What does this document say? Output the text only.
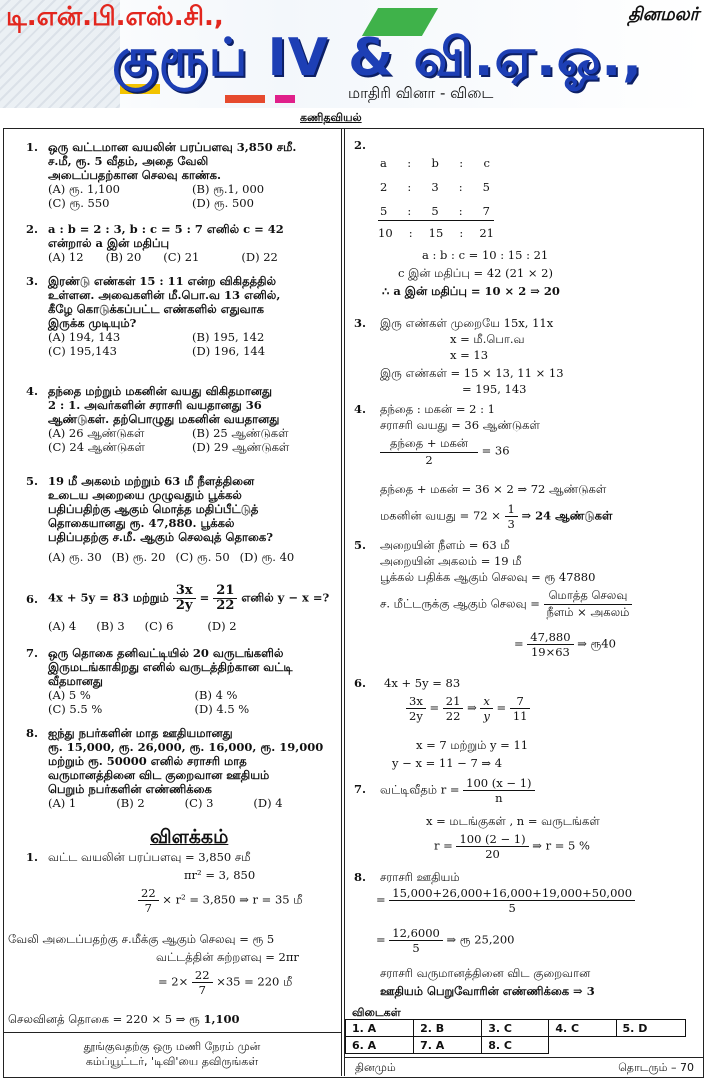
டி.என்.பி.எஸ்.சி.,
குரூப் IV & வி.ஏ.ஓ.,
தினமலர்
மாதிரி வினா - விடை
கணிதவியல்
1. ஒரு வட்டமான வயலின் பரப்பளவு 3,850 சமீ.
ச.மீ, ரூ. 5 வீதம், அதை வேலி
அடைப்பதற்கான செலவு காண்க.
(A) ரூ. 1,100	(B) ரூ.1, 000
(C) ரூ. 550	(D) ரூ. 500
2. a : b = 2 : 3, b : c = 5 : 7 எனில் c = 42
என்றால் a இன் மதிப்பு
(A) 12 (B) 20 (C) 21	(D) 22
3. இரண்டு எண்கள் 15 : 11 என்ற விகிதத்தில்
உள்ளன. அவைகளின் மீ.பொ.வ 13 எனில்,
கீழே கொடுக்கப்பட்ட எண்களில் எதுவாக
இருக்க முடியும்?
(A) 194, 143	(B) 195, 142
(C) 195,143	(D) 196, 144
4. தந்தை மற்றும் மகனின் வயது விகிதமானது
2 : 1. அவர்களின் சராசரி வயதானது 36
ஆண்டுகள். தற்பொழுது மகனின் வயதானது
(A) 26 ஆண்டுகள்	(B) 25 ஆண்டுகள்
(C) 24 ஆண்டுகள்	(D) 29 ஆண்டுகள்
5. 19 மீ அகலம் மற்றும் 63 மீ நீளத்தினை
உடைய அறையை முழுவதும் பூக்கல்
பதிப்பதிற்கு ஆகும் மொத்த மதிப்பீட்டுத்
தொகையானது ரூ. 47,880. பூக்கல்
பதிப்பதற்கு ச.மீ. ஆகும் செலவுத் தொகை?
(A) ரூ. 30 (B) ரூ. 20 (C) ரூ. 50 (D) ரூ. 40
6. 4x + 5y = 83 மற்றும் $\frac{3x}{2y} = \frac{21}{22}$ எனில் y − x =?
(A) 4 (B) 3 (C) 6	(D) 2
7. ஒரு தொகை தனிவட்டியில் 20 வருடங்களில்
இருமடங்காகிறது எனில் வருடத்திற்கான வட்டி
வீதமானது
(A) 5 %	(B) 4 %
(C) 5.5 %	(D) 4.5 %
8. ஐந்து நபர்களின் மாத ஊதியமானது
ரூ. 15,000, ரூ. 26,000, ரூ. 16,000, ரூ. 19,000
மற்றும் ரூ. 50000 எனில் சராசரி மாத
வருமானத்தினை விட குறைவான ஊதியம்
பெறும் நபர்களின் எண்ணிக்கை
(A) 1	(B) 2	(C) 3	(D) 4
விளக்கம்
1. வட்ட வயலின் பரப்பளவு = 3,850 சமீ
πr² = 3, 850
$\frac{22}{7} \times r^2 = 3,850$ ⇒ r = 35 மீ
வேலி அடைப்பதற்கு ச.மீக்கு ஆகும் செலவு = ரூ 5
வட்டத்தின் சுற்றளவு = 2πr
= $2\times \frac{22}{7} \times 35 = 220$ மீ
செலவினத் தொகை = 220 × 5 ⇒ ரூ 1,100
2.
a : b : c
2 : 3 : 5
5 : 5 : 7
10 : 15 : 21
a : b : c = 10 : 15 : 21
c இன் மதிப்பு = 42 (21 × 2)
∴ a இன் மதிப்பு = 10 × 2 ⇒ 20
3. இரு எண்கள் முறையே 15x, 11x
x = மீ.பொ.வ
x = 13
இரு எண்கள் = 15 × 13, 11 × 13
= 195, 143
4. தந்தை : மகன் = 2 : 1
சராசரி வயது = 36 ஆண்டுகள்
$\frac{\text{தந்தை + மகன்}}{2} = 36$
தந்தை + மகன் = 36 × 2 ⇒ 72 ஆண்டுகள்
மகனின் வயது = $72 \times \frac{1}{3}$ ⇒ 24 ஆண்டுகள்
5. அறையின் நீளம் = 63 மீ
அறையின் அகலம் = 19 மீ
பூக்கல் பதிக்க ஆகும் செலவு = ரூ 47880
ச. மீட்டருக்கு ஆகும் செலவு = $\frac{\text{மொத்த செலவு}}{\text{நீளம் × அகலம்}}$
= $\frac{47,880}{19\times 63}$ ⇒ ரூ40
6. 4x + 5y = 83
$\frac{3x}{2y} = \frac{21}{22}$ ⇒ $\frac{x}{y} = \frac{7}{11}$
x = 7 மற்றும் y = 11
y − x = 11 − 7 ⇒ 4
7. வட்டிவீதம் $r = \frac{100 (x - 1)}{n}$
x = மடங்குகள் , n = வருடங்கள்
$r = \frac{100 (2 - 1)}{20}$ ⇒ r = 5 %
8. சராசரி ஊதியம்
= $\frac{15,000+26,000+16,000+19,000+50,000}{5}$
= $\frac{12,6000}{5}$ ⇒ ரூ 25,200
சராசரி வருமானத்தினை விட குறைவான
ஊதியம் பெறுவோரின் எண்ணிக்கை ⇒ 3
விடைகள்
1. A	2. B	3. C	4. C	5. D
6. A	7. A	8. C		
தூங்குவதற்கு ஒரு மணி நேரம் முன்
கம்ப்யூட்டர், 'டிவி'யை தவிருங்கள்	தினமும்	தொடரும் – 70
